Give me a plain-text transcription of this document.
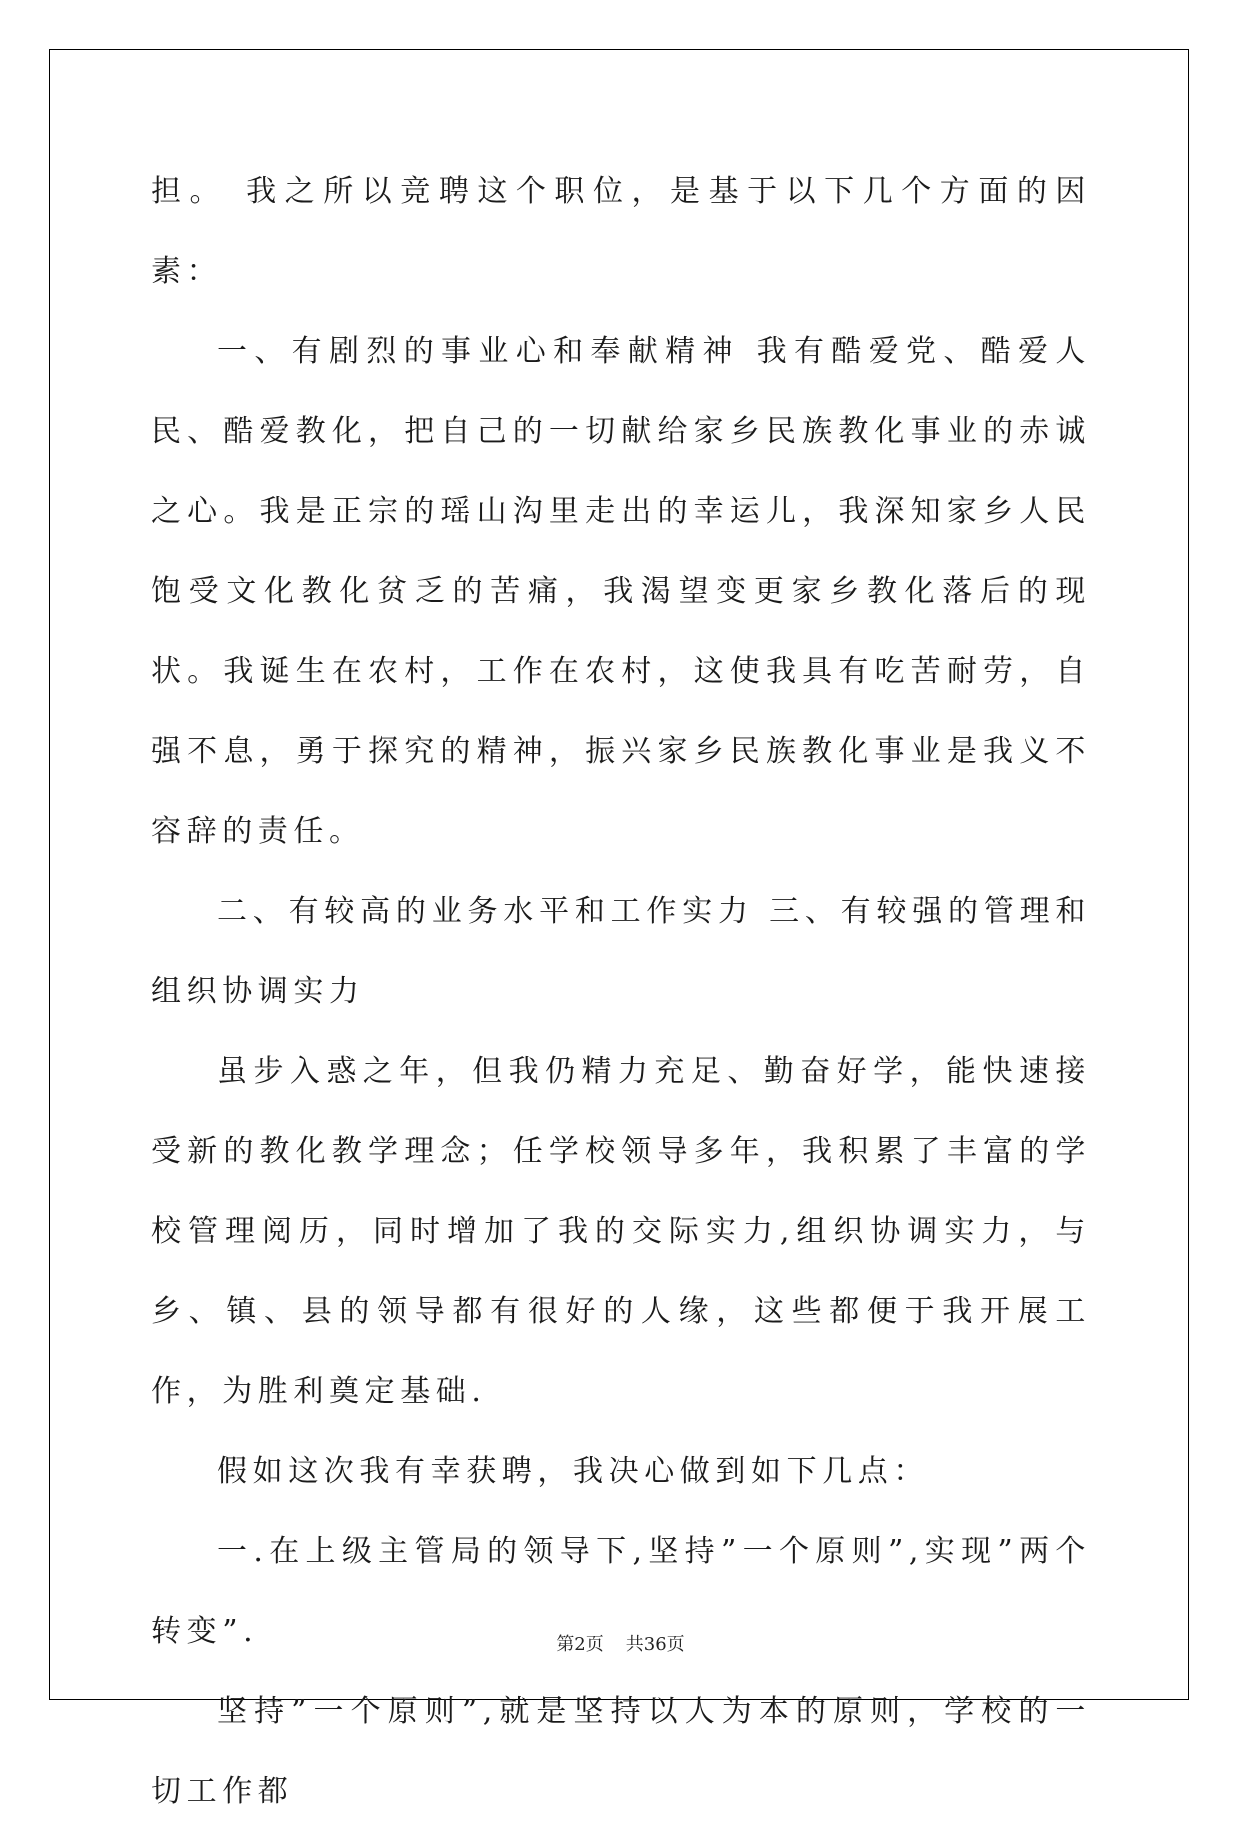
担。 我之所以竞聘这个职位，是基于以下几个方面的因素：

一、有剧烈的事业心和奉献精神 我有酷爱党、酷爱人民、酷爱教化，把自己的一切献给家乡民族教化事业的赤诚之心。我是正宗的瑶山沟里走出的幸运儿，我深知家乡人民饱受文化教化贫乏的苦痛，我渴望变更家乡教化落后的现状。我诞生在农村，工作在农村，这使我具有吃苦耐劳，自强不息，勇于探究的精神，振兴家乡民族教化事业是我义不容辞的责任。

二、有较高的业务水平和工作实力 三、有较强的管理和组织协调实力

虽步入惑之年，但我仍精力充足、勤奋好学，能快速接受新的教化教学理念；任学校领导多年，我积累了丰富的学校管理阅历，同时增加了我的交际实力,组织协调实力，与乡、镇、县的领导都有很好的人缘，这些都便于我开展工作，为胜利奠定基础.

假如这次我有幸获聘，我决心做到如下几点：

一.在上级主管局的领导下,坚持”一个原则”,实现”两个转变”.

坚持”一个原则”,就是坚持以人为本的原则，学校的一切工作都

第2页 共36页
